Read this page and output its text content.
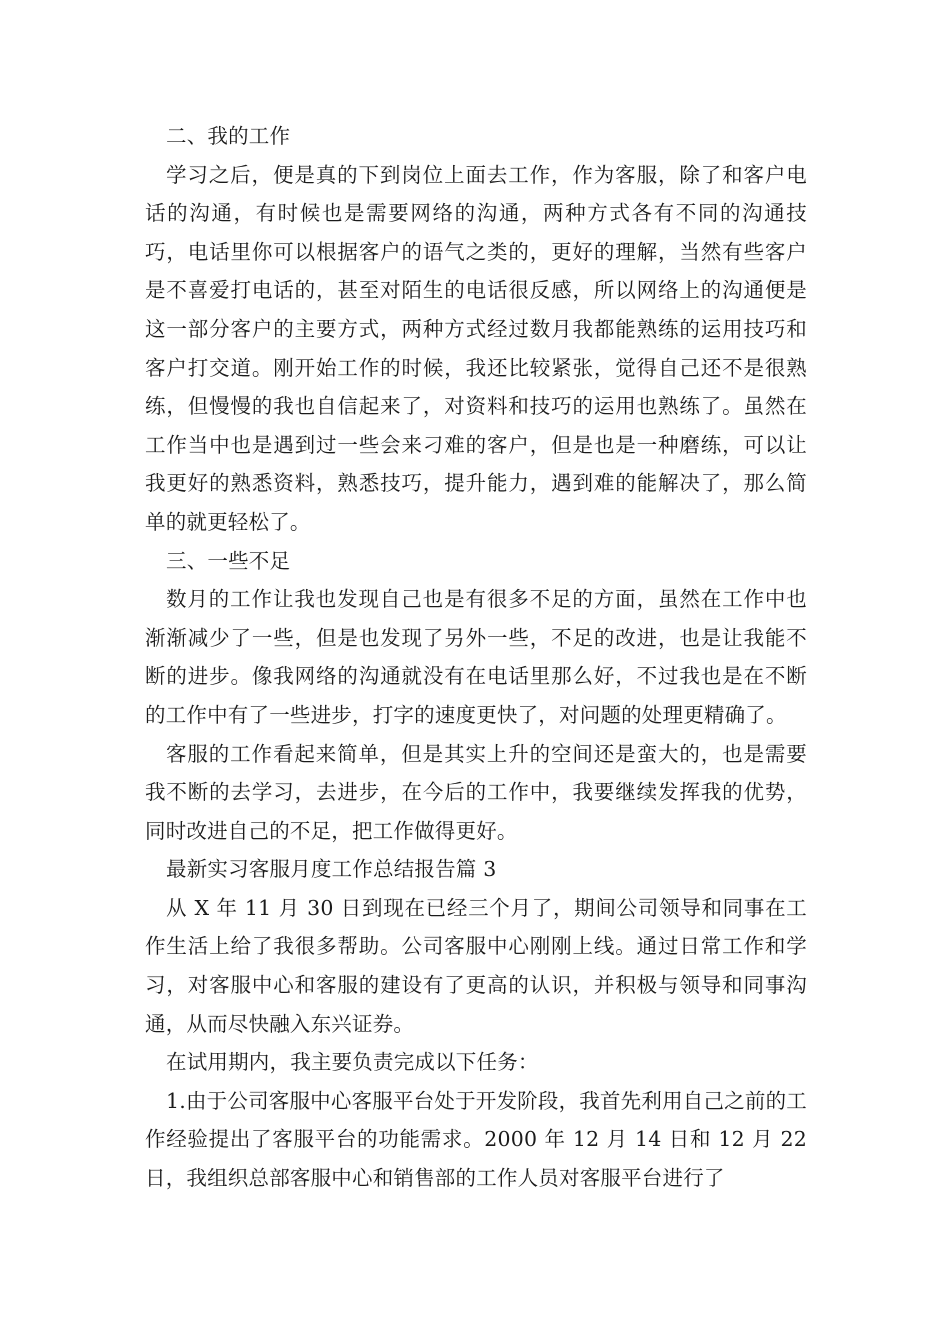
二、我的工作

学习之后，便是真的下到岗位上面去工作，作为客服，除了和客户电话的沟通，有时候也是需要网络的沟通，两种方式各有不同的沟通技巧，电话里你可以根据客户的语气之类的，更好的理解，当然有些客户是不喜爱打电话的，甚至对陌生的电话很反感，所以网络上的沟通便是这一部分客户的主要方式，两种方式经过数月我都能熟练的运用技巧和客户打交道。刚开始工作的时候，我还比较紧张，觉得自己还不是很熟练，但慢慢的我也自信起来了，对资料和技巧的运用也熟练了。虽然在工作当中也是遇到过一些会来刁难的客户，但是也是一种磨练，可以让我更好的熟悉资料，熟悉技巧，提升能力，遇到难的能解决了，那么简单的就更轻松了。

三、一些不足

数月的工作让我也发现自己也是有很多不足的方面，虽然在工作中也渐渐减少了一些，但是也发现了另外一些，不足的改进，也是让我能不断的进步。像我网络的沟通就没有在电话里那么好，不过我也是在不断的工作中有了一些进步，打字的速度更快了，对问题的处理更精确了。

客服的工作看起来简单，但是其实上升的空间还是蛮大的，也是需要我不断的去学习，去进步，在今后的工作中，我要继续发挥我的优势，同时改进自己的不足，把工作做得更好。

最新实习客服月度工作总结报告篇 3

从 X 年 11 月 30 日到现在已经三个月了，期间公司领导和同事在工作生活上给了我很多帮助。公司客服中心刚刚上线。通过日常工作和学习，对客服中心和客服的建设有了更高的认识，并积极与领导和同事沟通，从而尽快融入东兴证券。

在试用期内，我主要负责完成以下任务：

1.由于公司客服中心客服平台处于开发阶段，我首先利用自己之前的工作经验提出了客服平台的功能需求。2000 年 12 月 14 日和 12 月 22 日，我组织总部客服中心和销售部的工作人员对客服平台进行了
